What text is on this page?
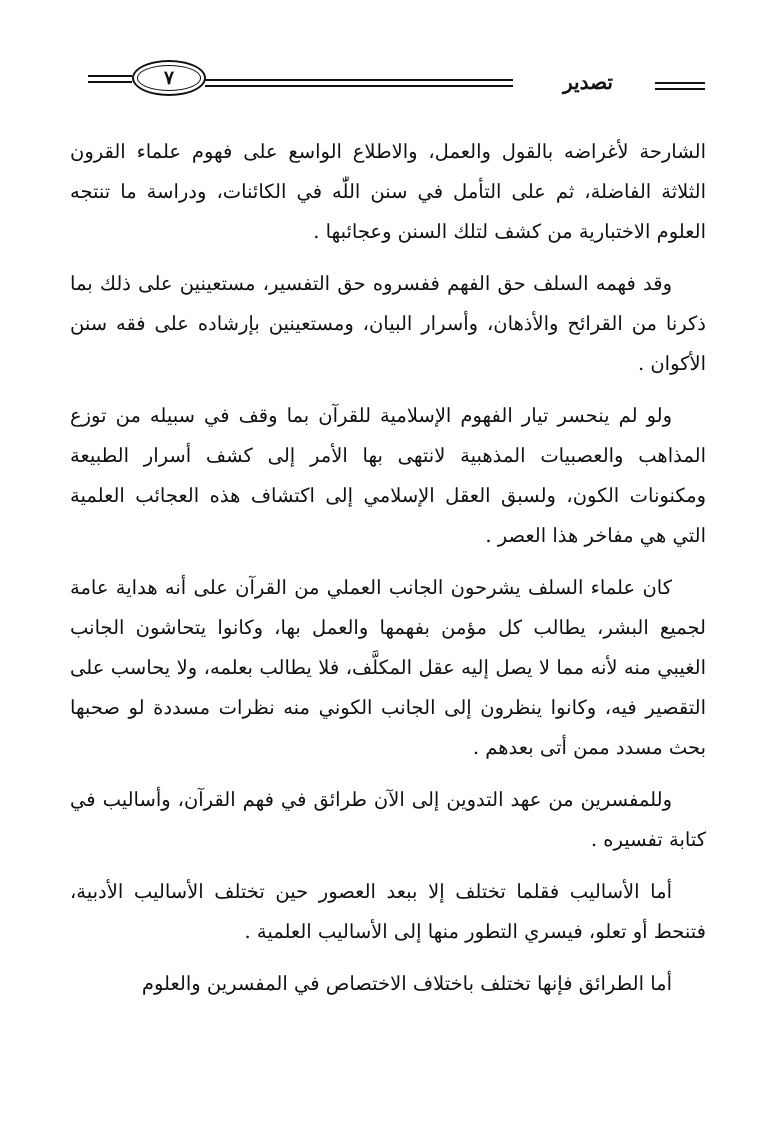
تصدير
٧

الشارحة لأغراضه بالقول والعمل، والاطلاع الواسع على فهوم علماء القرون الثلاثة الفاضلة، ثم على التأمل في سنن اللّٰه في الكائنات، ودراسة ما تنتجه العلوم الاختبارية من كشف لتلك السنن وعجائبها .

وقد فهمه السلف حق الفهم ففسروه حق التفسير، مستعينين على ذلك بما ذكرنا من القرائح والأذهان، وأسرار البيان، ومستعينين بإرشاده على فقه سنن الأكوان .

ولو لم ينحسر تيار الفهوم الإسلامية للقرآن بما وقف في سبيله من توزع المذاهب والعصبيات المذهبية لانتهى بها الأمر إلى كشف أسرار الطبيعة ومكنونات الكون، ولسبق العقل الإسلامي إلى اكتشاف هذه العجائب العلمية التي هي مفاخر هذا العصر .

كان علماء السلف يشرحون الجانب العملي من القرآن على أنه هداية عامة لجميع البشر، يطالب كل مؤمن بفهمها والعمل بها، وكانوا يتحاشون الجانب الغيبي منه لأنه مما لا يصل إليه عقل المكلَّف، فلا يطالب بعلمه، ولا يحاسب على التقصير فيه، وكانوا ينظرون إلى الجانب الكوني منه نظرات مسددة لو صحبها بحث مسدد ممن أتى بعدهم .

وللمفسرين من عهد التدوين إلى الآن طرائق في فهم القرآن، وأساليب في كتابة تفسيره .

أما الأساليب فقلما تختلف إلا ببعد العصور حين تختلف الأساليب الأدبية، فتنحط أو تعلو، فيسري التطور منها إلى الأساليب العلمية .

أما الطرائق فإنها تختلف باختلاف الاختصاص في المفسرين والعلوم
